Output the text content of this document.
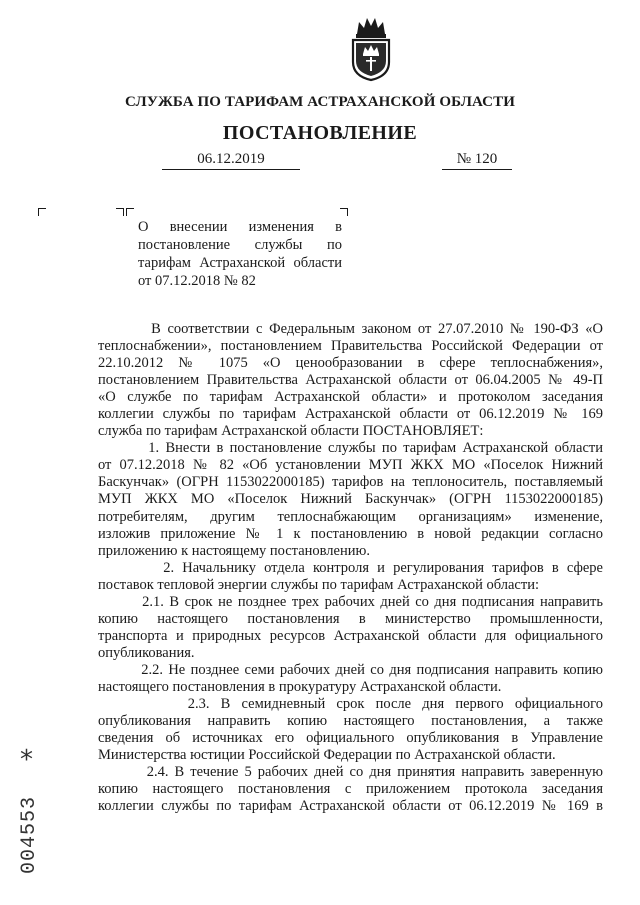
СЛУЖБА ПО ТАРИФАМ АСТРАХАНСКОЙ ОБЛАСТИ
ПОСТАНОВЛЕНИЕ
06.12.2019	№ 120
О внесении изменения в
постановление службы по
тарифам Астраханской области
от 07.12.2018 № 82

В соответствии с Федеральным законом от 27.07.2010 № 190-ФЗ «О
теплоснабжении», постановлением Правительства Российской Федерации от
22.10.2012 № 1075 «О ценообразовании в сфере теплоснабжения»,
постановлением Правительства Астраханской области от 06.04.2005 № 49-П
«О службе по тарифам Астраханской области» и протоколом заседания
коллегии службы по тарифам Астраханской области от 06.12.2019 № 169
служба по тарифам Астраханской области ПОСТАНОВЛЯЕТ:

1. Внести в постановление службы по тарифам Астраханской области
от 07.12.2018 № 82 «Об установлении МУП ЖКХ МО «Поселок Нижний
Баскунчак» (ОГРН 1153022000185) тарифов на теплоноситель, поставляемый
МУП ЖКХ МО «Поселок Нижний Баскунчак» (ОГРН 1153022000185)
потребителям, другим теплоснабжающим организациям» изменение,
изложив приложение № 1 к постановлению в новой редакции согласно
приложению к настоящему постановлению.

2. Начальнику отдела контроля и регулирования тарифов в сфере
поставок тепловой энергии службы по тарифам Астраханской области:

2.1. В срок не позднее трех рабочих дней со дня подписания направить
копию настоящего постановления в министерство промышленности,
транспорта и природных ресурсов Астраханской области для официального
опубликования.

2.2. Не позднее семи рабочих дней со дня подписания направить копию
настоящего постановления в прокуратуру Астраханской области.

2.3. В семидневный срок после дня первого официального
опубликования направить копию настоящего постановления, а также
сведения об источниках его официального опубликования в Управление
Министерства юстиции Российской Федерации по Астраханской области.

2.4. В течение 5 рабочих дней со дня принятия направить заверенную
копию настоящего постановления с приложением протокола заседания
коллегии службы по тарифам Астраханской области от 06.12.2019 № 169 в

*
004553
